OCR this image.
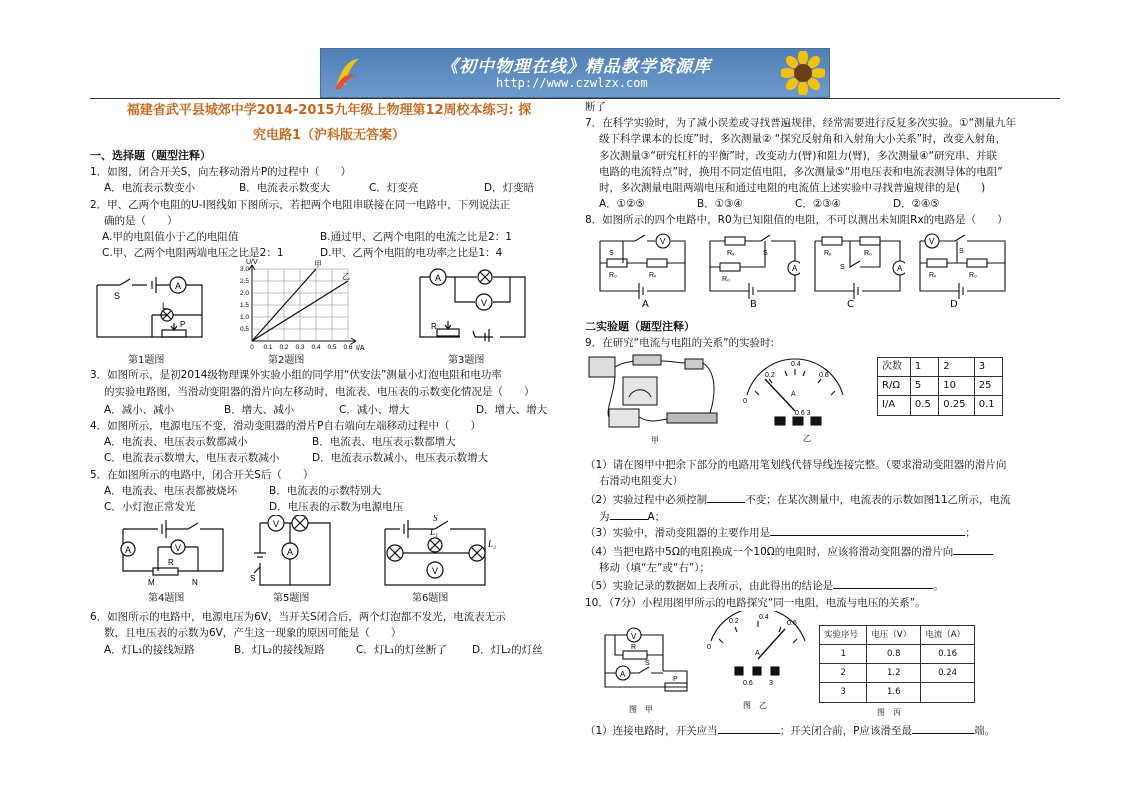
《初中物理在线》精品教学资源库
http://www.czwlzx.com
福建省武平县城郊中学2014-2015九年级上物理第12周校本练习: 探
究电路1（沪科版无答案）
一、选择题（题型注释）

1．如图，闭合开关S，向左移动滑片P的过程中（　　）

A．电流表示数变小	B．电流表示数变大	C．灯变亮	D．灯变暗

2．甲、乙两个电阻的U-I图线如下图所示，若把两个电阻串联接在同一电路中，下列说法正

确的是（　　）

A.甲的电阻值小于乙的电阻值	B.通过甲、乙两个电阻的电流之比是2：1
C.甲、乙两个电阻两端电压之比是2：1	D.甲、乙两个电阻的电功率之比是1：4
A
S
L
P
甲
乙
U/V
I/A
3.0
2.5
2.0
1.5
1.0
0.5
0 0.1 0.2 0.3 0.4 0.5 0.6
A
V
R
第1题图	第2题图	第3题图

3．如图所示，是初2014级物理课外实验小组的同学用“伏安法”测量小灯泡电阻和电功率

的实验电路图，当滑动变阻器的滑片向左移动时，电流表、电压表的示数变化情况是（　　）

A．减小、减小	B．增大、减小	C．减小、增大	D．增大、增大

4．如图所示，电源电压不变，滑动变阻器的滑片P自右端向左端移动过程中（　　）

A．电流表、电压表示数都减小	B．电流表、电压表示数都增大
C．电流表示数增大，电压表示数减小	D．电流表示数减小，电压表示数增大

5．在如图所示的电路中，闭合开关S后（　　）

A．电流表、电压表都被烧坏	B．电流表的示数特别大
C．小灯泡正常发光	D．电压表的示数为电源电压
A	V
R
M	N
V
A
S
S
L₁
L₂
V
第4题图	第5题图	第6题图

6．如图所示的电路中，电源电压为6V，当开关S闭合后，两个灯泡都不发光，电流表无示

数，且电压表的示数为6V，产生这一现象的原因可能是（　　）

A．灯L₁的接线短路	B．灯L₂的接线短路	C．灯L₁的灯丝断了	D．灯L₂的灯丝

断了

7．在科学实验时，为了减小误差或寻找普遍规律，经常需要进行反复多次实验。①“测量九年

级下科学课本的长度”时，多次测量② “探究反射角和入射角大小关系”时，改变入射角，

多次测量③“研究杠杆的平衡”时，改变动力(臂)和阻力(臂)，多次测量④“研究串、并联

电路的电流特点”时，换用不同定值电阻，多次测量⑤“用电压表和电流表测导体的电阻”

时，多次测量电阻两端电压和通过电阻的电流值上述实验中寻找普遍规律的是(　　)

A．①②⑤	B．①③④	C．②③④	D．②④⑤

8．如图所示的四个电路中，R0为已知阻值的电阻，不可以测出未知阻Rx的电路是（　　）

V
S
R₀	Rₓ
Rₓ	S
R₀
A
Rₓ	R₀
S	A
V
S
Rₓ	R₀
A	B	C	D
二实验题（题型注释）

9．在研究“电流与电阻的关系”的实验时:

甲
0
0.2
0.4
0.6
A
0.6 3
乙
次数	1	2	3
R/Ω	5	10	25
I/A	0.5	0.25	0.1

（1）请在图甲中把余下部分的电路用笔划线代替导线连接完整。（要求滑动变阻器的滑片向

右滑动电阻变大）

（2）实验过程中必须控制	不变；在某次测量中，电流表的示数如图11乙所示，电流

为	A；

（3）实验中，滑动变阻器的主要作用是	；

（4）当把电路中5Ω的电阻换成一个10Ω的电阻时，应该将滑动变阻器的滑片向

移动（填“左”或“右”）；

（5）实验记录的数据如上表所示，由此得出的结论是	。

10．（7分）小程用图甲所示的电路探究“同一电阻，电流与电压的关系”。

V
R
A
S
P
图　甲
0
0.2
0.4
0.6
A
0.6 3
图　乙
实验序号	电压（V）	电流（A）
1	0.8	0.16
2	1.2	0.24
3	1.6	
图　丙

（1）连接电路时，开关应当	；开关闭合前，P应该滑至最	端。
